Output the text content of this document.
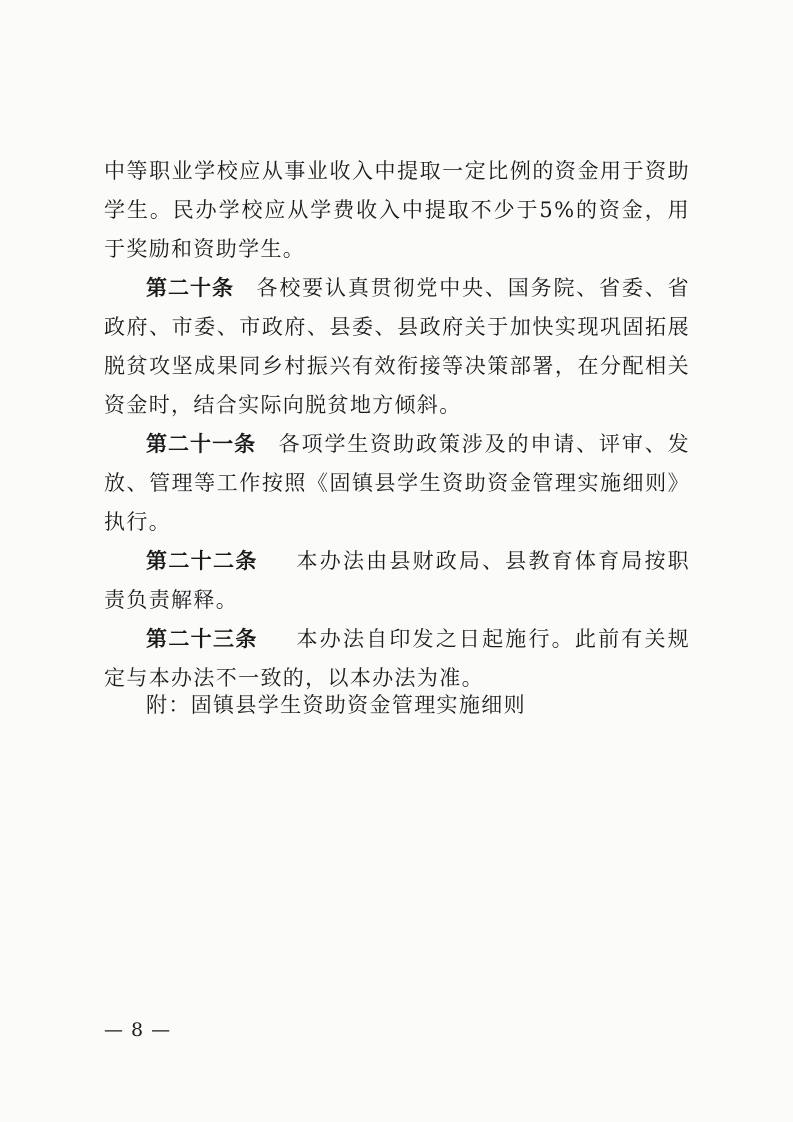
中等职业学校应从事业收入中提取一定比例的资金用于资助学生。民办学校应从学费收入中提取不少于5%的资金，用于奖励和资助学生。

第二十条 各校要认真贯彻党中央、国务院、省委、省政府、市委、市政府、县委、县政府关于加快实现巩固拓展脱贫攻坚成果同乡村振兴有效衔接等决策部署，在分配相关资金时，结合实际向脱贫地方倾斜。

第二十一条 各项学生资助政策涉及的申请、评审、发放、管理等工作按照《固镇县学生资助资金管理实施细则》执行。

第二十二条 本办法由县财政局、县教育体育局按职责负责解释。

第二十三条 本办法自印发之日起施行。此前有关规定与本办法不一致的，以本办法为准。

附：固镇县学生资助资金管理实施细则
— 8 —
